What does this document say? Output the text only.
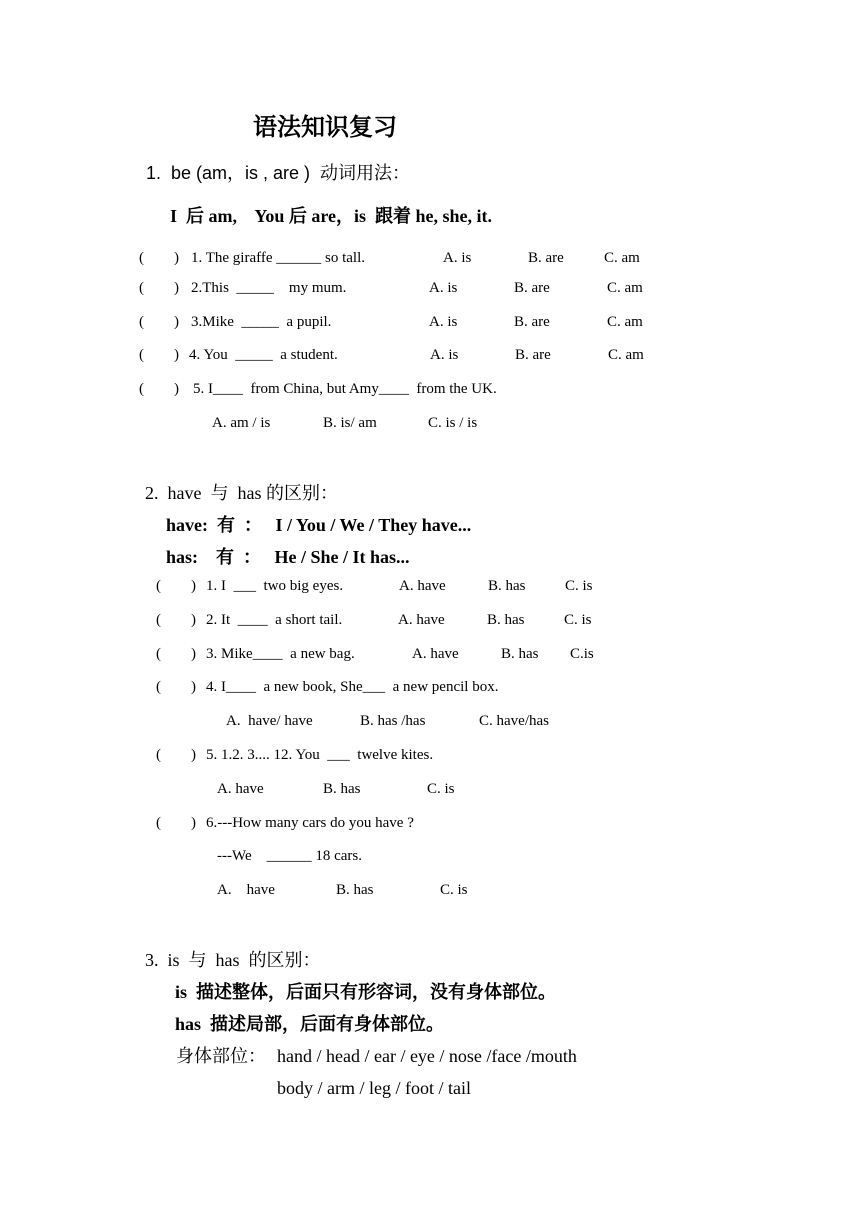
语法知识复习
1.  be (am，is , are )  动词用法：
I  后 am,    You 后 are，is  跟着 he, she, it.
(        ) 1. The giraffe ______ so tall.	A. is	B. are	C. am
(        ) 2.This  _____    my mum.	A. is	B. are	C. am
(        ) 3.Mike  _____  a pupil.	A. is	B. are	C. am
(        ) 4. You  _____  a student.	A. is	B. are	C. am
(        ) 5. I____  from China, but Amy____  from the UK.
A. am / is	B. is/ am	C. is / is
2.  have  与  has 的区别：
have:  有  ：   I / You / We / They have...
has:    有  ：   He / She / It has...
(        ) 1. I  ___  two big eyes.	A. have	B. has	C. is
(        ) 2. It  ____  a short tail.	A. have	B. has	C. is
(        ) 3. Mike____  a new bag.	A. have	B. has C.is
(        ) 4. I____  a new book, She___  a new pencil box.
A.  have/ have	B. has /has	C. have/has
(        ) 5. 1.2. 3.... 12. You  ___  twelve kites.
A. have	B. has	C. is
(        ) 6.---How many cars do you have ?
---We    ______ 18 cars.
A.    have	B. has	C. is
3.  is  与  has  的区别：
is  描述整体，后面只有形容词，没有身体部位。
has  描述局部，后面有身体部位。
身体部位： hand / head / ear / eye / nose /face /mouth
body / arm / leg / foot / tail
